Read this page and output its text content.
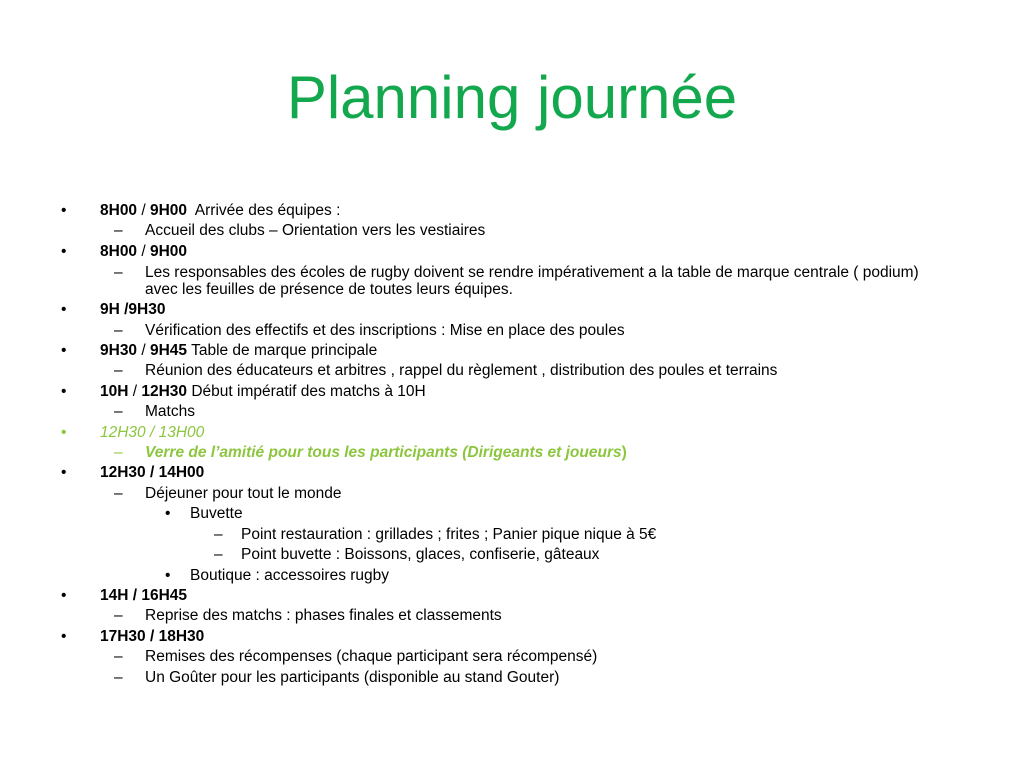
Planning journée
• 8H00 / 9H00  Arrivée des équipes :
– Accueil des clubs – Orientation vers les vestiaires
• 8H00 / 9H00
– Les responsables des écoles de rugby doivent se rendre impérativement a la table de marque centrale ( podium) avec les feuilles de présence de toutes leurs équipes.
• 9H /9H30
– Vérification des effectifs et des inscriptions : Mise en place des poules
• 9H30 / 9H45 Table de marque principale
– Réunion des éducateurs et arbitres , rappel du règlement , distribution des poules et terrains
• 10H / 12H30 Début impératif des matchs à 10H
– Matchs
• 12H30 / 13H00
– Verre de l’amitié pour tous les participants (Dirigeants et joueurs)
• 12H30 / 14H00
– Déjeuner pour tout le monde
• Buvette
– Point restauration : grillades ; frites ; Panier pique nique à 5€
– Point buvette : Boissons, glaces, confiserie, gâteaux
• Boutique : accessoires rugby
• 14H / 16H45
– Reprise des matchs : phases finales et classements
• 17H30 / 18H30
– Remises des récompenses (chaque participant sera récompensé)
– Un Goûter pour les participants (disponible au stand Gouter)
